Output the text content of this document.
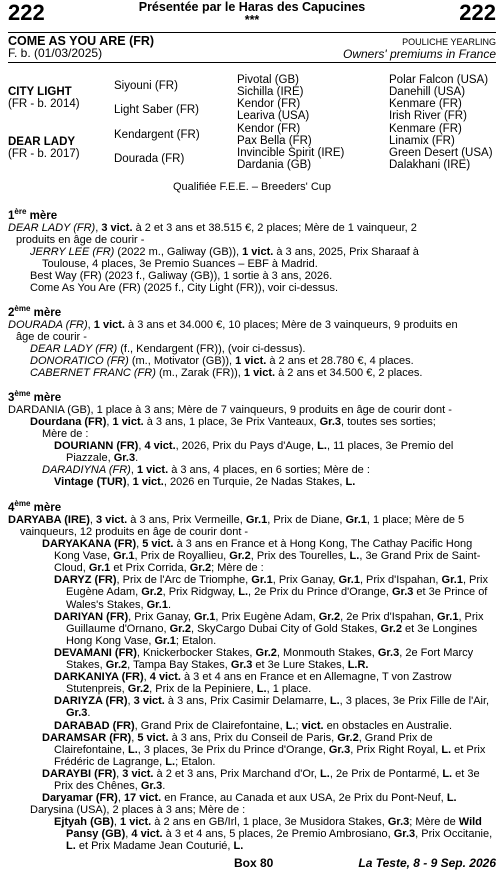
222	222
Présentée par le Haras des Capucines
***
COME AS YOU ARE (FR)
F. b. (01/03/2025)
POULICHE YEARLING
Owners' premiums in France
CITY LIGHT
(FR - b. 2014)
DEAR LADY
(FR - b. 2017)
Siyouni (FR)
Light Saber (FR)
Kendargent (FR)
Dourada (FR)
Pivotal (GB)
Sichilla (IRE)
Kendor (FR)
Leariva (USA)
Kendor (FR)
Pax Bella (FR)
Invincible Spirit (IRE)
Dardania (GB)
Polar Falcon (USA)
Danehill (USA)
Kenmare (FR)
Irish River (FR)
Kenmare (FR)
Linamix (FR)
Green Desert (USA)
Dalakhani (IRE)
Qualifiée F.E.E. – Breeders' Cup

1ère mère

DEAR LADY (FR), 3 vict. à 2 et 3 ans et 38.515 €, 2 places; Mère de 1 vainqueur, 2

produits en âge de courir -

JERRY LEE (FR) (2022 m., Galiway (GB)), 1 vict. à 3 ans, 2025, Prix Sharaaf à

Toulouse, 4 places, 3e Premio Suances – EBF à Madrid.

Best Way (FR) (2023 f., Galiway (GB)), 1 sortie à 3 ans, 2026.

Come As You Are (FR) (2025 f., City Light (FR)), voir ci-dessus.

2ème mère

DOURADA (FR), 1 vict. à 3 ans et 34.000 €, 10 places; Mère de 3 vainqueurs, 9 produits en

âge de courir -

DEAR LADY (FR) (f., Kendargent (FR)), (voir ci-dessus).

DONORATICO (FR) (m., Motivator (GB)), 1 vict. à 2 ans et 28.780 €, 4 places.

CABERNET FRANC (FR) (m., Zarak (FR)), 1 vict. à 2 ans et 34.500 €, 2 places.

3ème mère

DARDANIA (GB), 1 place à 3 ans; Mère de 7 vainqueurs, 9 produits en âge de courir dont -

Dourdana (FR), 1 vict. à 3 ans, 1 place, 3e Prix Vanteaux, Gr.3, toutes ses sorties;

Mère de :

DOURIANN (FR), 4 vict., 2026, Prix du Pays d'Auge, L., 11 places, 3e Premio del Piazzale, Gr.3.

DARADIYNA (FR), 1 vict. à 3 ans, 4 places, en 6 sorties; Mère de :

Vintage (TUR), 1 vict., 2026 en Turquie, 2e Nadas Stakes, L.

4ème mère

DARYABA (IRE), 3 vict. à 3 ans, Prix Vermeille, Gr.1, Prix de Diane, Gr.1, 1 place; Mère de 5 vainqueurs, 12 produits en âge de courir dont -

DARYAKANA (FR), 5 vict. à 3 ans en France et à Hong Kong, The Cathay Pacific Hong Kong Vase, Gr.1, Prix de Royallieu, Gr.2, Prix des Tourelles, L., 3e Grand Prix de Saint-Cloud, Gr.1 et Prix Corrida, Gr.2; Mère de :

DARYZ (FR), Prix de l'Arc de Triomphe, Gr.1, Prix Ganay, Gr.1, Prix d'Ispahan, Gr.1, Prix Eugène Adam, Gr.2, Prix Ridgway, L., 2e Prix du Prince d'Orange, Gr.3 et 3e Prince of Wales's Stakes, Gr.1.

DARIYAN (FR), Prix Ganay, Gr.1, Prix Eugène Adam, Gr.2, 2e Prix d'Ispahan, Gr.1, Prix Guillaume d'Ornano, Gr.2, SkyCargo Dubai City of Gold Stakes, Gr.2 et 3e Longines Hong Kong Vase, Gr.1; Etalon.

DEVAMANI (FR), Knickerbocker Stakes, Gr.2, Monmouth Stakes, Gr.3, 2e Fort Marcy Stakes, Gr.2, Tampa Bay Stakes, Gr.3 et 3e Lure Stakes, L.R.

DARKANIYA (FR), 4 vict. à 3 et 4 ans en France et en Allemagne, T von Zastrow Stutenpreis, Gr.2, Prix de la Pepiniere, L., 1 place.

DARIYZA (FR), 3 vict. à 3 ans, Prix Casimir Delamarre, L., 3 places, 3e Prix Fille de l'Air, Gr.3.

DARABAD (FR), Grand Prix de Clairefontaine, L.; vict. en obstacles en Australie.

DARAMSAR (FR), 5 vict. à 3 ans, Prix du Conseil de Paris, Gr.2, Grand Prix de Clairefontaine, L., 3 places, 3e Prix du Prince d'Orange, Gr.3, Prix Right Royal, L. et Prix Frédéric de Lagrange, L.; Etalon.

DARAYBI (FR), 3 vict. à 2 et 3 ans, Prix Marchand d'Or, L., 2e Prix de Pontarmé, L. et 3e Prix des Chênes, Gr.3.

Daryamar (FR), 17 vict. en France, au Canada et aux USA, 2e Prix du Pont-Neuf, L.

Darysina (USA), 2 places à 3 ans; Mère de :

Ejtyah (GB), 1 vict. à 2 ans en GB/Irl, 1 place, 3e Musidora Stakes, Gr.3; Mère de Wild Pansy (GB), 4 vict. à 3 et 4 ans, 5 places, 2e Premio Ambrosiano, Gr.3, Prix Occitanie, L. et Prix Madame Jean Couturié, L.

Box 80	La Teste, 8 - 9 Sep. 2026
